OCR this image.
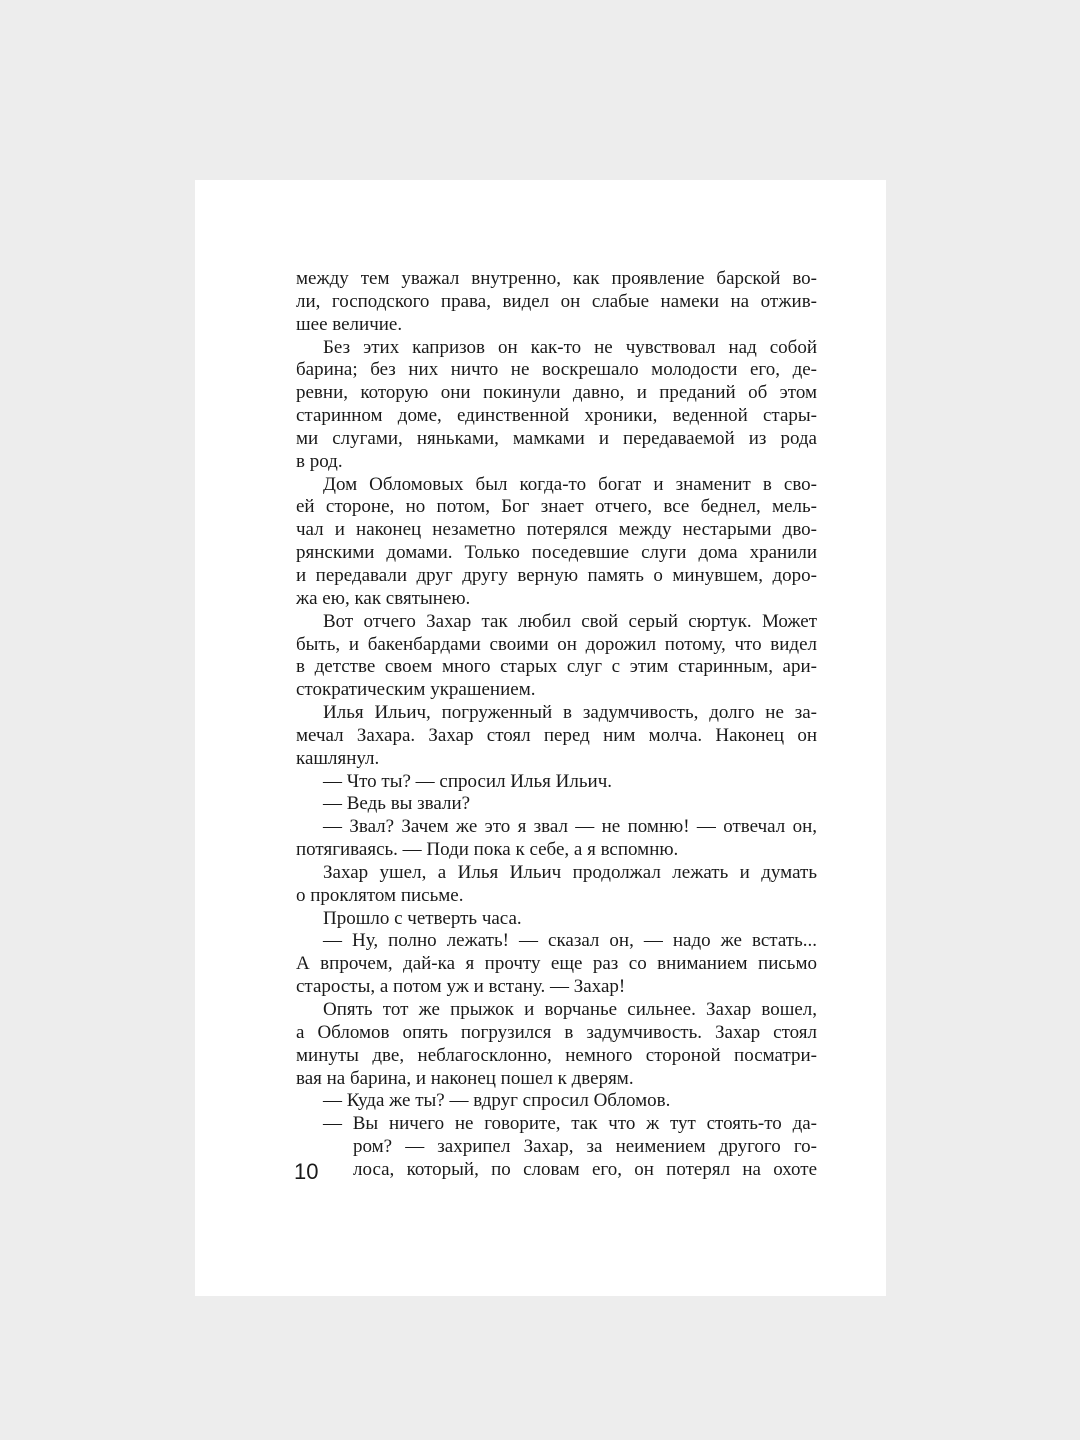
между тем уважал внутренно, как проявление барской во-
ли, господского права, видел он слабые намеки на отжив-
шее величие.
Без этих капризов он как-то не чувствовал над собой
барина; без них ничто не воскрешало молодости его, де-
ревни, которую они покинули давно, и преданий об этом
старинном доме, единственной хроники, веденной стары-
ми слугами, няньками, мамками и передаваемой из рода
в род.
Дом Обломовых был когда-то богат и знаменит в сво-
ей стороне, но потом, Бог знает отчего, все беднел, мель-
чал и наконец незаметно потерялся между нестарыми дво-
рянскими домами. Только поседевшие слуги дома хранили
и передавали друг другу верную память о минувшем, доро-
жа ею, как святынею.
Вот отчего Захар так любил свой серый сюртук. Может
быть, и бакенбардами своими он дорожил потому, что видел
в детстве своем много старых слуг с этим старинным, ари-
стократическим украшением.
Илья Ильич, погруженный в задумчивость, долго не за-
мечал Захара. Захар стоял перед ним молча. Наконец он
кашлянул.
— Что ты? — спросил Илья Ильич.
— Ведь вы звали?
— Звал? Зачем же это я звал — не помню! — отвечал он,
потягиваясь. — Поди пока к себе, а я вспомню.
Захар ушел, а Илья Ильич продолжал лежать и думать
о проклятом письме.
Прошло с четверть часа.
— Ну, полно лежать! — сказал он, — надо же встать...
А впрочем, дай-ка я прочту еще раз со вниманием письмо
старосты, а потом уж и встану. — Захар!
Опять тот же прыжок и ворчанье сильнее. Захар вошел,
а Обломов опять погрузился в задумчивость. Захар стоял
минуты две, неблагосклонно, немного стороной посматри-
вая на барина, и наконец пошел к дверям.
— Куда же ты? — вдруг спросил Обломов.
— Вы ничего не говорите, так что ж тут стоять-то да-
ром? — захрипел Захар, за неимением другого го-
лоса, который, по словам его, он потерял на охоте
10
